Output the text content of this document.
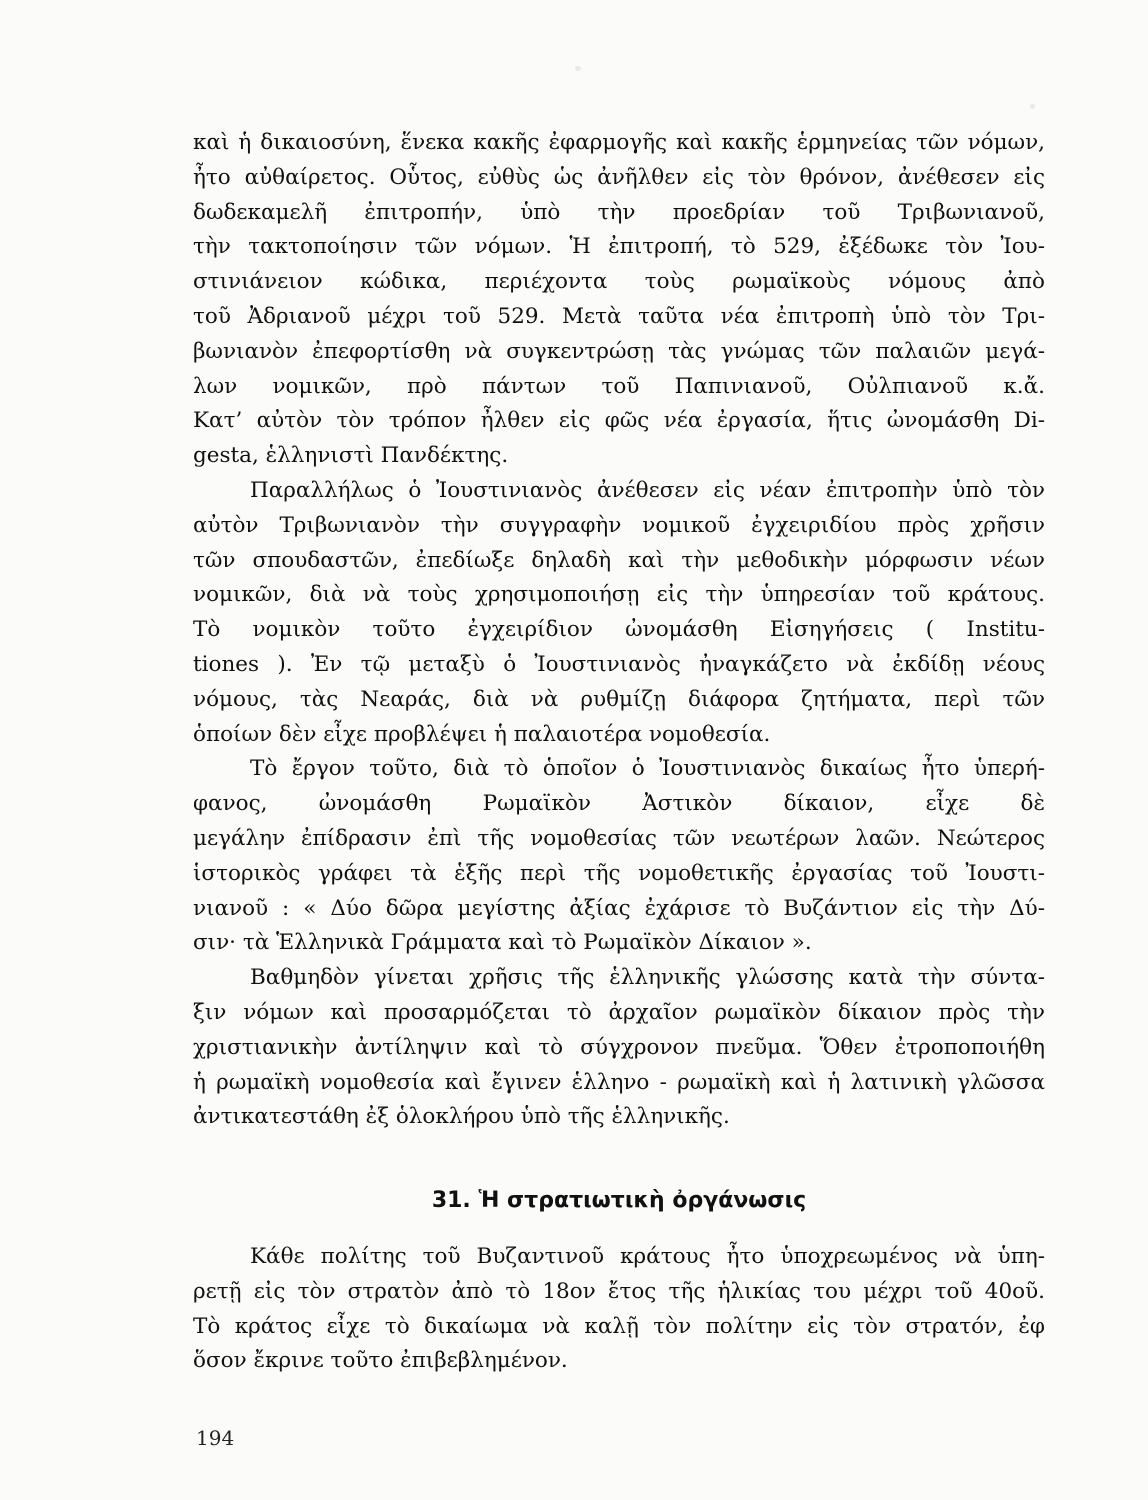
καὶ ἡ δικαιοσύνη, ἕνεκα κακῆς ἐφαρμογῆς καὶ κακῆς ἑρμηνείας τῶν νόμων,
ἦτο αὐθαίρετος. Οὗτος, εὐθὺς ὡς ἀνῆλθεν εἰς τὸν θρόνον, ἀνέθεσεν εἰς
δωδεκαμελῆ ἐπιτροπήν, ὑπὸ τὴν προεδρίαν τοῦ Τριβωνιανοῦ,
τὴν τακτοποίησιν τῶν νόμων. Ἡ ἐπιτροπή, τὸ 529, ἐξέδωκε τὸν Ἰου-
στινιάνειον κώδικα, περιέχοντα τοὺς ρωμαϊκοὺς νόμους ἀπὸ
τοῦ Ἀδριανοῦ μέχρι τοῦ 529. Μετὰ ταῦτα νέα ἐπιτροπὴ ὑπὸ τὸν Τρι-
βωνιανὸν ἐπεφορτίσθη νὰ συγκεντρώσῃ τὰς γνώμας τῶν παλαιῶν μεγά-
λων νομικῶν, πρὸ πάντων τοῦ Παπινιανοῦ, Οὐλπιανοῦ κ.ἄ.
Κατ’ αὐτὸν τὸν τρόπον ἦλθεν εἰς φῶς νέα ἐργασία, ἥτις ὠνομάσθη Di-
gesta, ἑλληνιστὶ Πανδέκτης.
Παραλλήλως ὁ Ἰουστινιανὸς ἀνέθεσεν εἰς νέαν ἐπιτροπὴν ὑπὸ τὸν
αὐτὸν Τριβωνιανὸν τὴν συγγραφὴν νομικοῦ ἐγχειριδίου πρὸς χρῆσιν
τῶν σπουδαστῶν, ἐπεδίωξε δηλαδὴ καὶ τὴν μεθοδικὴν μόρφωσιν νέων
νομικῶν, διὰ νὰ τοὺς χρησιμοποιήσῃ εἰς τὴν ὑπηρεσίαν τοῦ κράτους.
Τὸ νομικὸν τοῦτο ἐγχειρίδιον ὠνομάσθη Εἰσηγήσεις ( Institu-
tiones ). Ἐν τῷ μεταξὺ ὁ Ἰουστινιανὸς ἠναγκάζετο νὰ ἐκδίδῃ νέους
νόμους, τὰς Νεαράς, διὰ νὰ ρυθμίζῃ διάφορα ζητήματα, περὶ τῶν
ὁποίων δὲν εἶχε προβλέψει ἡ παλαιοτέρα νομοθεσία.
Τὸ ἔργον τοῦτο, διὰ τὸ ὁποῖον ὁ Ἰουστινιανὸς δικαίως ἦτο ὑπερή-
φανος, ὠνομάσθη Ρωμαϊκὸν Ἀστικὸν δίκαιον, εἶχε δὲ
μεγάλην ἐπίδρασιν ἐπὶ τῆς νομοθεσίας τῶν νεωτέρων λαῶν. Νεώτερος
ἱστορικὸς γράφει τὰ ἑξῆς περὶ τῆς νομοθετικῆς ἐργασίας τοῦ Ἰουστι-
νιανοῦ : « Δύο δῶρα μεγίστης ἀξίας ἐχάρισε τὸ Βυζάντιον εἰς τὴν Δύ-
σιν· τὰ Ἑλληνικὰ Γράμματα καὶ τὸ Ρωμαϊκὸν Δίκαιον ».
Βαθμηδὸν γίνεται χρῆσις τῆς ἑλληνικῆς γλώσσης κατὰ τὴν σύντα-
ξιν νόμων καὶ προσαρμόζεται τὸ ἀρχαῖον ρωμαϊκὸν δίκαιον πρὸς τὴν
χριστιανικὴν ἀντίληψιν καὶ τὸ σύγχρονον πνεῦμα. Ὅθεν ἐτροποποιήθη
ἡ ρωμαϊκὴ νομοθεσία καὶ ἔγινεν ἑλληνο - ρωμαϊκὴ καὶ ἡ λατινικὴ γλῶσσα
ἀντικατεστάθη ἐξ ὁλοκλήρου ὑπὸ τῆς ἑλληνικῆς.
31. Ἡ στρατιωτικὴ ὀργάνωσις
Κάθε πολίτης τοῦ Βυζαντινοῦ κράτους ἦτο ὑποχρεωμένος νὰ ὑπη-
ρετῇ εἰς τὸν στρατὸν ἀπὸ τὸ 18ον ἔτος τῆς ἡλικίας του μέχρι τοῦ 40οῦ.
Τὸ κράτος εἶχε τὸ δικαίωμα νὰ καλῇ τὸν πολίτην εἰς τὸν στρατόν, ἐφ
ὅσον ἔκρινε τοῦτο ἐπιβεβλημένον.
194
